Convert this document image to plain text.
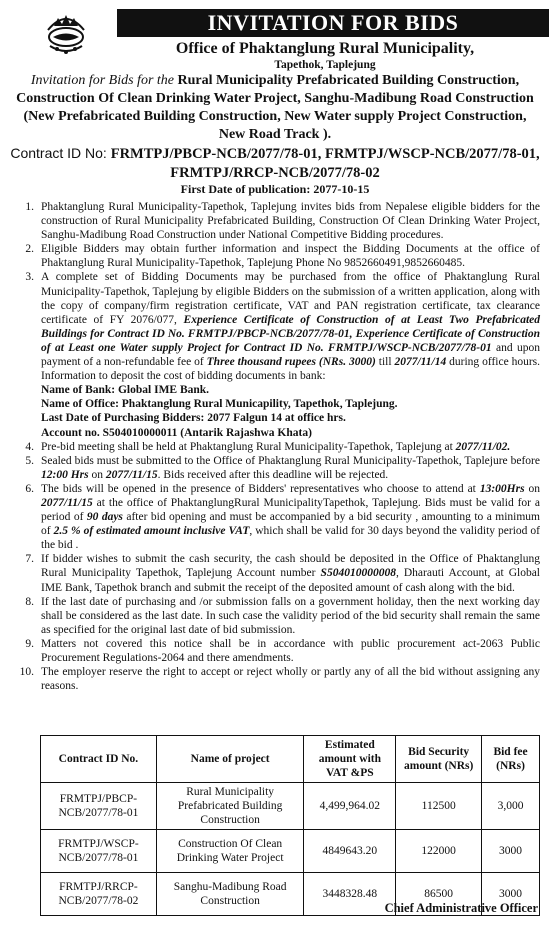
INVITATION FOR BIDS
Office of Phaktanglung Rural Municipality,
Tapethok, Taplejung
Invitation for Bids for the Rural Municipality Prefabricated Building Construction, Construction Of Clean Drinking Water Project, Sanghu-Madibung Road Construction (New Prefabricated Building Construction, New Water supply Project Construction, New Road Track ).
Contract ID No: FRMTPJ/PBCP-NCB/2077/78-01, FRMTPJ/WSCP-NCB/2077/78-01, FRMTPJ/RRCP-NCB/2077/78-02
First Date of publication: 2077-10-15
1. Phaktanglung Rural Municipality-Tapethok, Taplejung invites bids from Nepalese eligible bidders for the construction of Rural Municipality Prefabricated Building, Construction Of Clean Drinking Water Project, Sanghu-Madibung Road Construction under National Competitive Bidding procedures.
2. Eligible Bidders may obtain further information and inspect the Bidding Documents at the office of Phaktanglung Rural Municipality-Tapethok, Taplejung Phone No 9852660491,9852660485.
3. A complete set of Bidding Documents may be purchased from the office of Phaktanglung Rural Municipality-Tapethok, Taplejung by eligible Bidders on the submission of a written application, along with the copy of company/firm registration certificate, VAT and PAN registration certificate, tax clearance certificate of FY 2076/077, Experience Certificate of Construction of at Least Two Prefabricated Buildings for Contract ID No. FRMTPJ/PBCP-NCB/2077/78-01, Experience Certificate of Construction of at Least one Water supply Project for Contract ID No. FRMTPJ/WSCP-NCB/2077/78-01 and upon payment of a non-refundable fee of Three thousand rupees (NRs. 3000) till 2077/11/14 during office hours. Information to deposit the cost of bidding documents in bank:
Name of Bank: Global IME Bank.
Name of Office: Phaktanglung Rural Municapility, Tapethok, Taplejung.
Last Date of Purchasing Bidders: 2077 Falgun 14 at office hrs.
Account no. S504010000011 (Antarik Rajashwa Khata)
4. Pre-bid meeting shall be held at Phaktanglung Rural Municipality-Tapethok, Taplejung at 2077/11/02.
5. Sealed bids must be submitted to the Office of Phaktanglung Rural Municipality-Tapethok, Taplejure before 12:00 Hrs on 2077/11/15. Bids received after this deadline will be rejected.
6. The bids will be opened in the presence of Bidders' representatives who choose to attend at 13:00Hrs on 2077/11/15 at the office of PhaktanglungRural MunicipalityTapethok, Taplejung. Bids must be valid for a period of 90 days after bid opening and must be accompanied by a bid security , amounting to a minimum of 2.5 % of estimated amount inclusive VAT, which shall be valid for 30 days beyond the validity period of the bid .
7. If bidder wishes to submit the cash security, the cash should be deposited in the Office of Phaktanglung Rural Municipality Tapethok, Taplejung Account number S504010000008, Dharauti Account, at Global IME Bank, Tapethok branch and submit the receipt of the deposited amount of cash along with the bid.
8. If the last date of purchasing and /or submission falls on a government holiday, then the next working day shall be considered as the last date. In such case the validity period of the bid security shall remain the same as specified for the original last date of bid submission.
9. Matters not covered this notice shall be in accordance with public procurement act-2063 Public Procurement Regulations-2064 and there amendments.
10. The employer reserve the right to accept or reject wholly or partly any of all the bid without assigning any reasons.
Contract ID No.	Name of project	Estimated amount with VAT &PS	Bid Security amount (NRs)	Bid fee (NRs)
FRMTPJ/PBCP-NCB/2077/78-01	Rural Municipality Prefabricated Building Construction	4,499,964.02	112500	3,000
FRMTPJ/WSCP-NCB/2077/78-01	Construction Of Clean Drinking Water Project	4849643.20	122000	3000
FRMTPJ/RRCP-NCB/2077/78-02	Sanghu-Madibung Road Construction	3448328.48	86500	3000
Chief Administrative Officer
